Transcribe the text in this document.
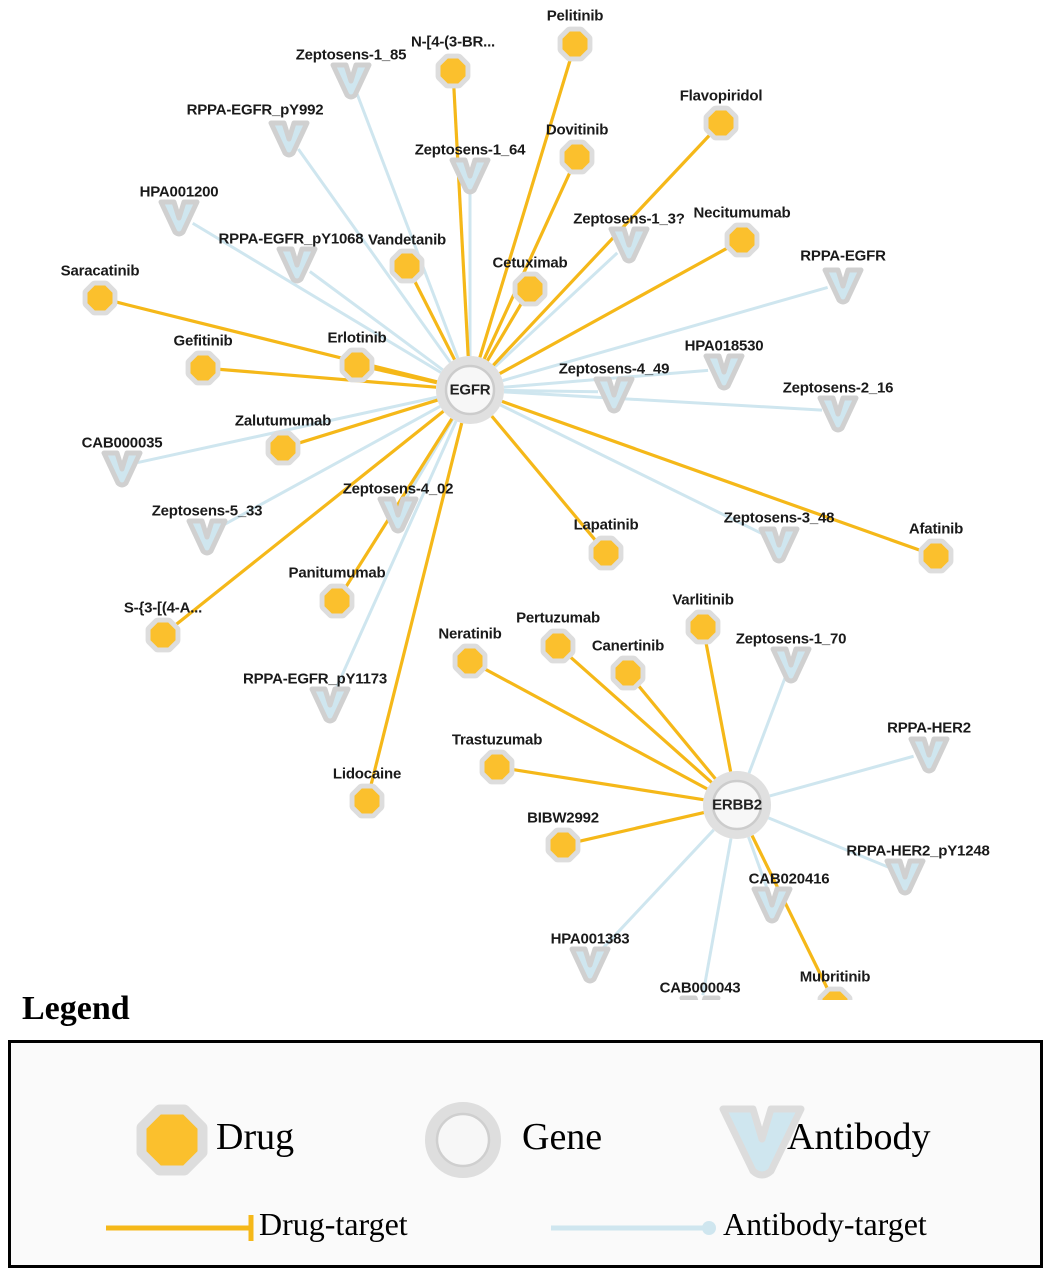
Zeptosens-1_85
RPPA-EGFR_pY992
Zeptosens-1_64
HPA001200
Zeptosens-1_3?
RPPA-EGFR_pY1068
RPPA-EGFR
HPA018530
Zeptosens-4_49
Zeptosens-2_16
CAB000035
Zeptosens-4_02
Zeptosens-5_33	Zeptosens-3_48
Zeptosens-1_70
RPPA-EGFR_pY1173
RPPA-HER2
RPPA-HER2_pY1248
CAB020416
HPA001383
CAB000043
Pelitinib
N-[4-(3-BR...
Flavopiridol
Dovitinib
Necitumumab
Vandetanib
Cetuximab
Saracatinib
Gefitinib	Erlotinib
Zalutumumab
Afatinib
Lapatinib
Varlitinib
Panitumumab
S-{3-[(4-A...
Pertuzumab
Neratinib
Canertinib
Trastuzumab
Lidocaine
BIBW2992
Mubritinib
EGFR
ERBB2
Legend
Drug	Gene	Antibody
Drug-target	Antibody-target
